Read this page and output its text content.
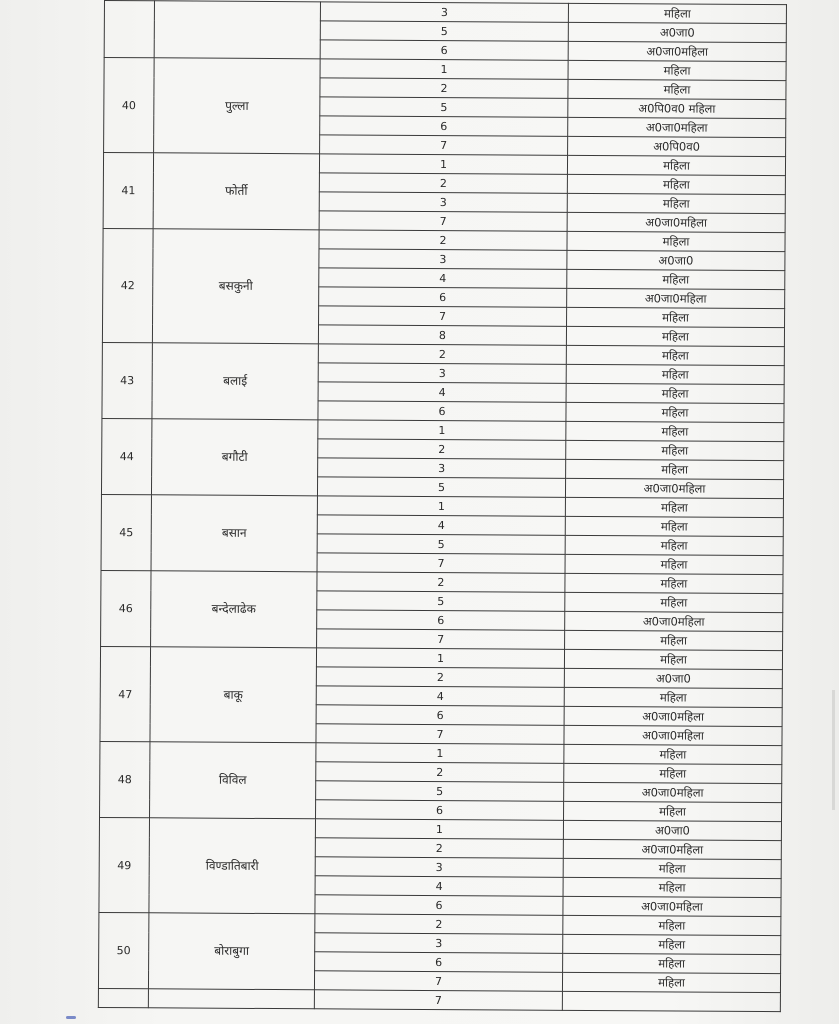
		3	महिला
		5	अ0जा0
		6	अ0जा0महिला
40	पुल्ला	1	महिला
		2	महिला
		5	अ0पि0व0 महिला
		6	अ0जा0महिला
		7	अ0पि0व0
41	फोर्ती	1	महिला
		2	महिला
		3	महिला
		7	अ0जा0महिला
42	बसकुनी	2	महिला
		3	अ0जा0
		4	महिला
		6	अ0जा0महिला
		7	महिला
		8	महिला
43	बलाई	2	महिला
		3	महिला
		4	महिला
		6	महिला
44	बगौटी	1	महिला
		2	महिला
		3	महिला
		5	अ0जा0महिला
45	बसान	1	महिला
		4	महिला
		5	महिला
		7	महिला
46	बन्देलाढेक	2	महिला
		5	महिला
		6	अ0जा0महिला
		7	महिला
47	बाकू	1	महिला
		2	अ0जा0
		4	महिला
		6	अ0जा0महिला
		7	अ0जा0महिला
48	विविल	1	महिला
		2	महिला
		5	अ0जा0महिला
		6	महिला
49	विण्डातिबारी	1	अ0जा0
		2	अ0जा0महिला
		3	महिला
		4	महिला
		6	अ0जा0महिला
50	बोराबुगा	2	महिला
		3	महिला
		6	महिला
		7	महिला
		7	
